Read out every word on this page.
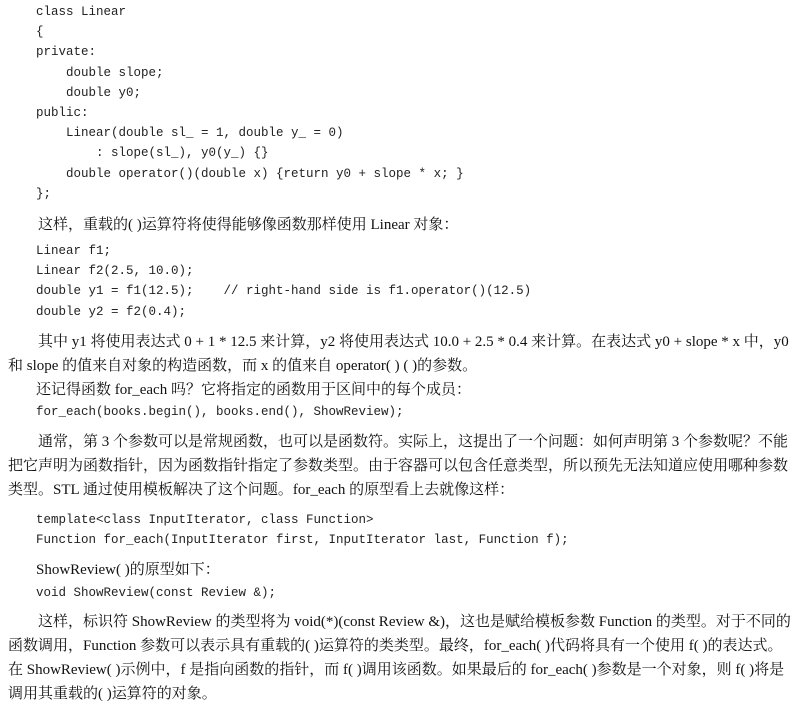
class Linear
{
private:
double slope;
double y0;
public:
Linear(double sl_ = 1, double y_ = 0)
: slope(sl_), y0(y_) {}
double operator()(double x) {return y0 + slope * x; }
};

这样，重载的( )运算符将使得能够像函数那样使用 Linear 对象：

Linear f1;
Linear f2(2.5, 10.0);
double y1 = f1(12.5);    // right-hand side is f1.operator()(12.5)
double y2 = f2(0.4);

其中 y1 将使用表达式 0 + 1 * 12.5 来计算，y2 将使用表达式 10.0 + 2.5 * 0.4 来计算。在表达式 y0 + slope * x 中，y0 和 slope 的值来自对象的构造函数，而 x 的值来自 operator( ) ( )的参数。

还记得函数 for_each 吗？它将指定的函数用于区间中的每个成员：

for_each(books.begin(), books.end(), ShowReview);

通常，第 3 个参数可以是常规函数，也可以是函数符。实际上，这提出了一个问题：如何声明第 3 个参数呢？不能把它声明为函数指针，因为函数指针指定了参数类型。由于容器可以包含任意类型，所以预先无法知道应使用哪种参数类型。STL 通过使用模板解决了这个问题。for_each 的原型看上去就像这样：

template<class InputIterator, class Function>
Function for_each(InputIterator first, InputIterator last, Function f);

ShowReview( )的原型如下：

void ShowReview(const Review &);

这样，标识符 ShowReview 的类型将为 void(*)(const Review &)，这也是赋给模板参数 Function 的类型。对于不同的函数调用，Function 参数可以表示具有重载的( )运算符的类类型。最终，for_each( )代码将具有一个使用 f( )的表达式。在 ShowReview( )示例中，f 是指向函数的指针，而 f( )调用该函数。如果最后的 for_each( )参数是一个对象，则 f( )将是调用其重载的( )运算符的对象。
